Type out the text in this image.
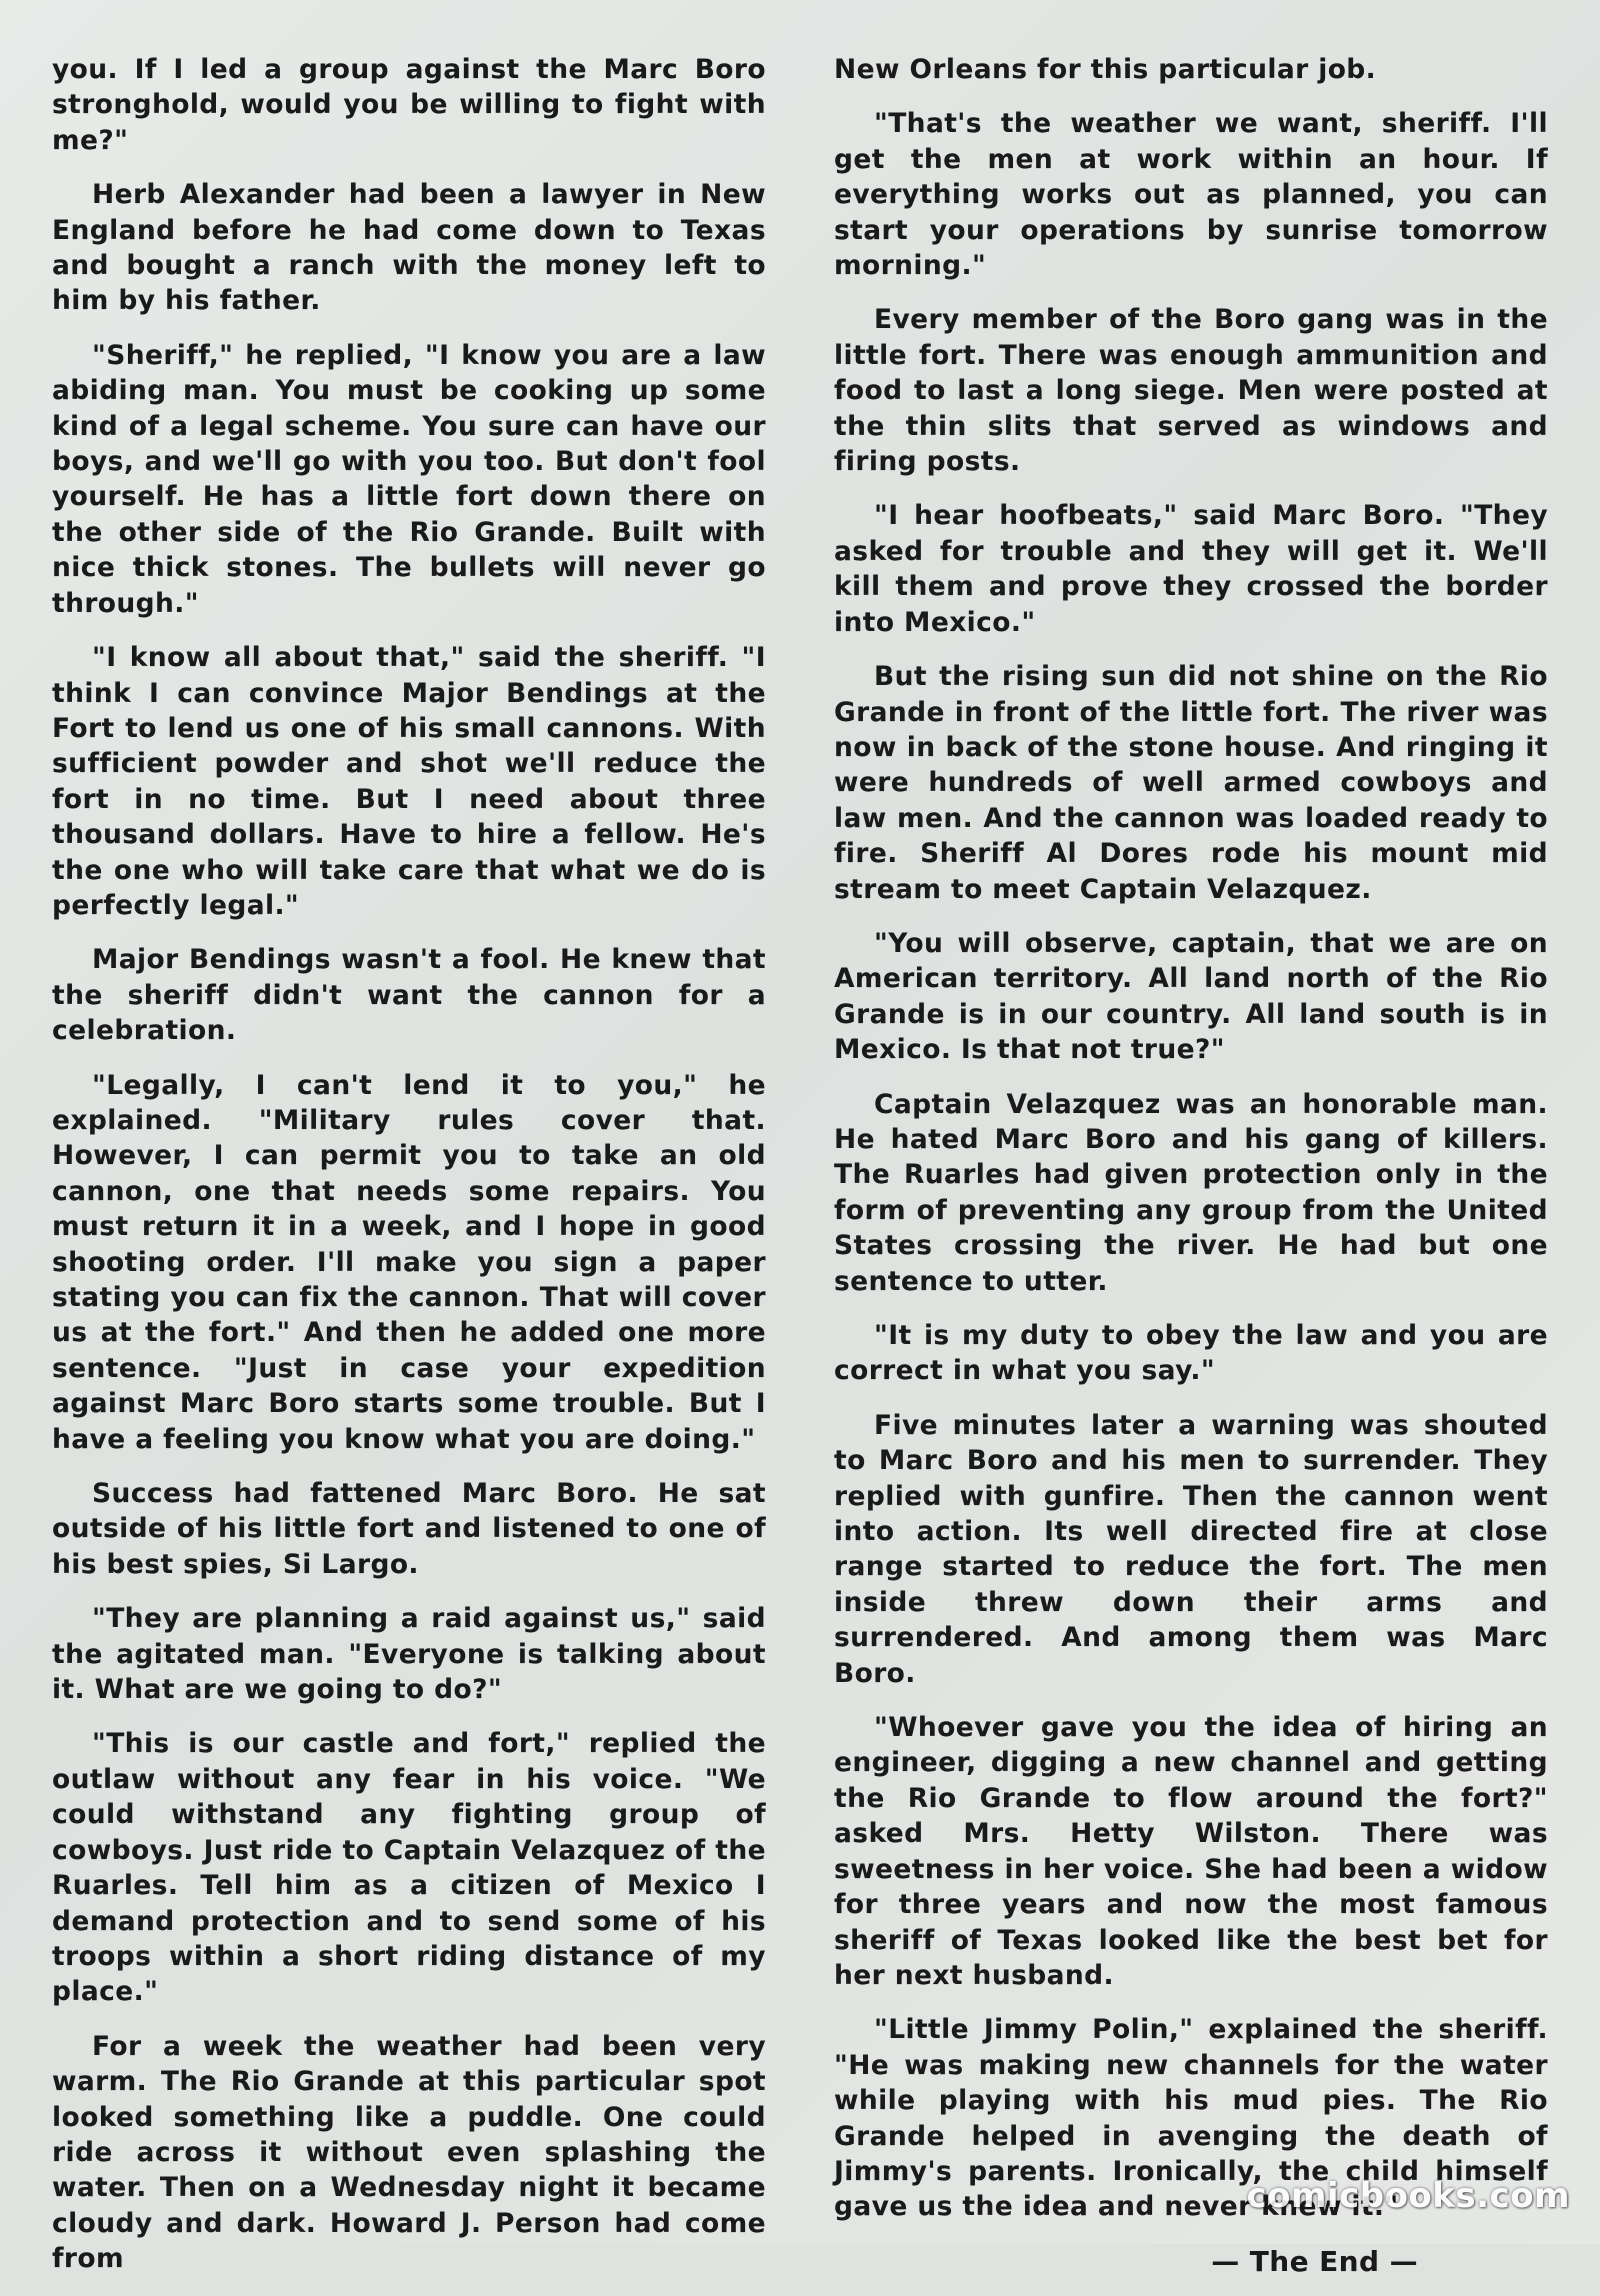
you. If I led a group against the Marc Boro stronghold, would you be willing to fight with me?"

Herb Alexander had been a lawyer in New England before he had come down to Texas and bought a ranch with the money left to him by his father.

"Sheriff," he replied, "I know you are a law abiding man. You must be cooking up some kind of a legal scheme. You sure can have our boys, and we'll go with you too. But don't fool yourself. He has a little fort down there on the other side of the Rio Grande. Built with nice thick stones. The bullets will never go through."

"I know all about that," said the sheriff. "I think I can convince Major Bendings at the Fort to lend us one of his small cannons. With sufficient powder and shot we'll reduce the fort in no time. But I need about three thousand dollars. Have to hire a fellow. He's the one who will take care that what we do is perfectly legal."

Major Bendings wasn't a fool. He knew that the sheriff didn't want the cannon for a celebration.

"Legally, I can't lend it to you," he explained. "Military rules cover that. However, I can permit you to take an old cannon, one that needs some repairs. You must return it in a week, and I hope in good shooting order. I'll make you sign a paper stating you can fix the cannon. That will cover us at the fort." And then he added one more sentence. "Just in case your expedition against Marc Boro starts some trouble. But I have a feeling you know what you are doing."

Success had fattened Marc Boro. He sat outside of his little fort and listened to one of his best spies, Si Largo.

"They are planning a raid against us," said the agitated man. "Everyone is talking about it. What are we going to do?"

"This is our castle and fort," replied the outlaw without any fear in his voice. "We could withstand any fighting group of cowboys. Just ride to Captain Velazquez of the Ruarles. Tell him as a citizen of Mexico I demand protection and to send some of his troops within a short riding distance of my place."

For a week the weather had been very warm. The Rio Grande at this particular spot looked something like a puddle. One could ride across it without even splashing the water. Then on a Wednesday night it became cloudy and dark. Howard J. Person had come from

New Orleans for this particular job.

"That's the weather we want, sheriff. I'll get the men at work within an hour. If everything works out as planned, you can start your operations by sunrise tomorrow morning."

Every member of the Boro gang was in the little fort. There was enough ammunition and food to last a long siege. Men were posted at the thin slits that served as windows and firing posts.

"I hear hoofbeats," said Marc Boro. "They asked for trouble and they will get it. We'll kill them and prove they crossed the border into Mexico."

But the rising sun did not shine on the Rio Grande in front of the little fort. The river was now in back of the stone house. And ringing it were hundreds of well armed cowboys and law men. And the cannon was loaded ready to fire. Sheriff Al Dores rode his mount mid stream to meet Captain Velazquez.

"You will observe, captain, that we are on American territory. All land north of the Rio Grande is in our country. All land south is in Mexico. Is that not true?"

Captain Velazquez was an honorable man. He hated Marc Boro and his gang of killers. The Ruarles had given protection only in the form of preventing any group from the United States crossing the river. He had but one sentence to utter.

"It is my duty to obey the law and you are correct in what you say."

Five minutes later a warning was shouted to Marc Boro and his men to surrender. They replied with gunfire. Then the cannon went into action. Its well directed fire at close range started to reduce the fort. The men inside threw down their arms and surrendered. And among them was Marc Boro.

"Whoever gave you the idea of hiring an engineer, digging a new channel and getting the Rio Grande to flow around the fort?" asked Mrs. Hetty Wilston. There was sweetness in her voice. She had been a widow for three years and now the most famous sheriff of Texas looked like the best bet for her next husband.

"Little Jimmy Polin," explained the sheriff. "He was making new channels for the water while playing with his mud pies. The Rio Grande helped in avenging the death of Jimmy's parents. Ironically, the child himself gave us the idea and never knew it."

— The End —
comicbooks.com
